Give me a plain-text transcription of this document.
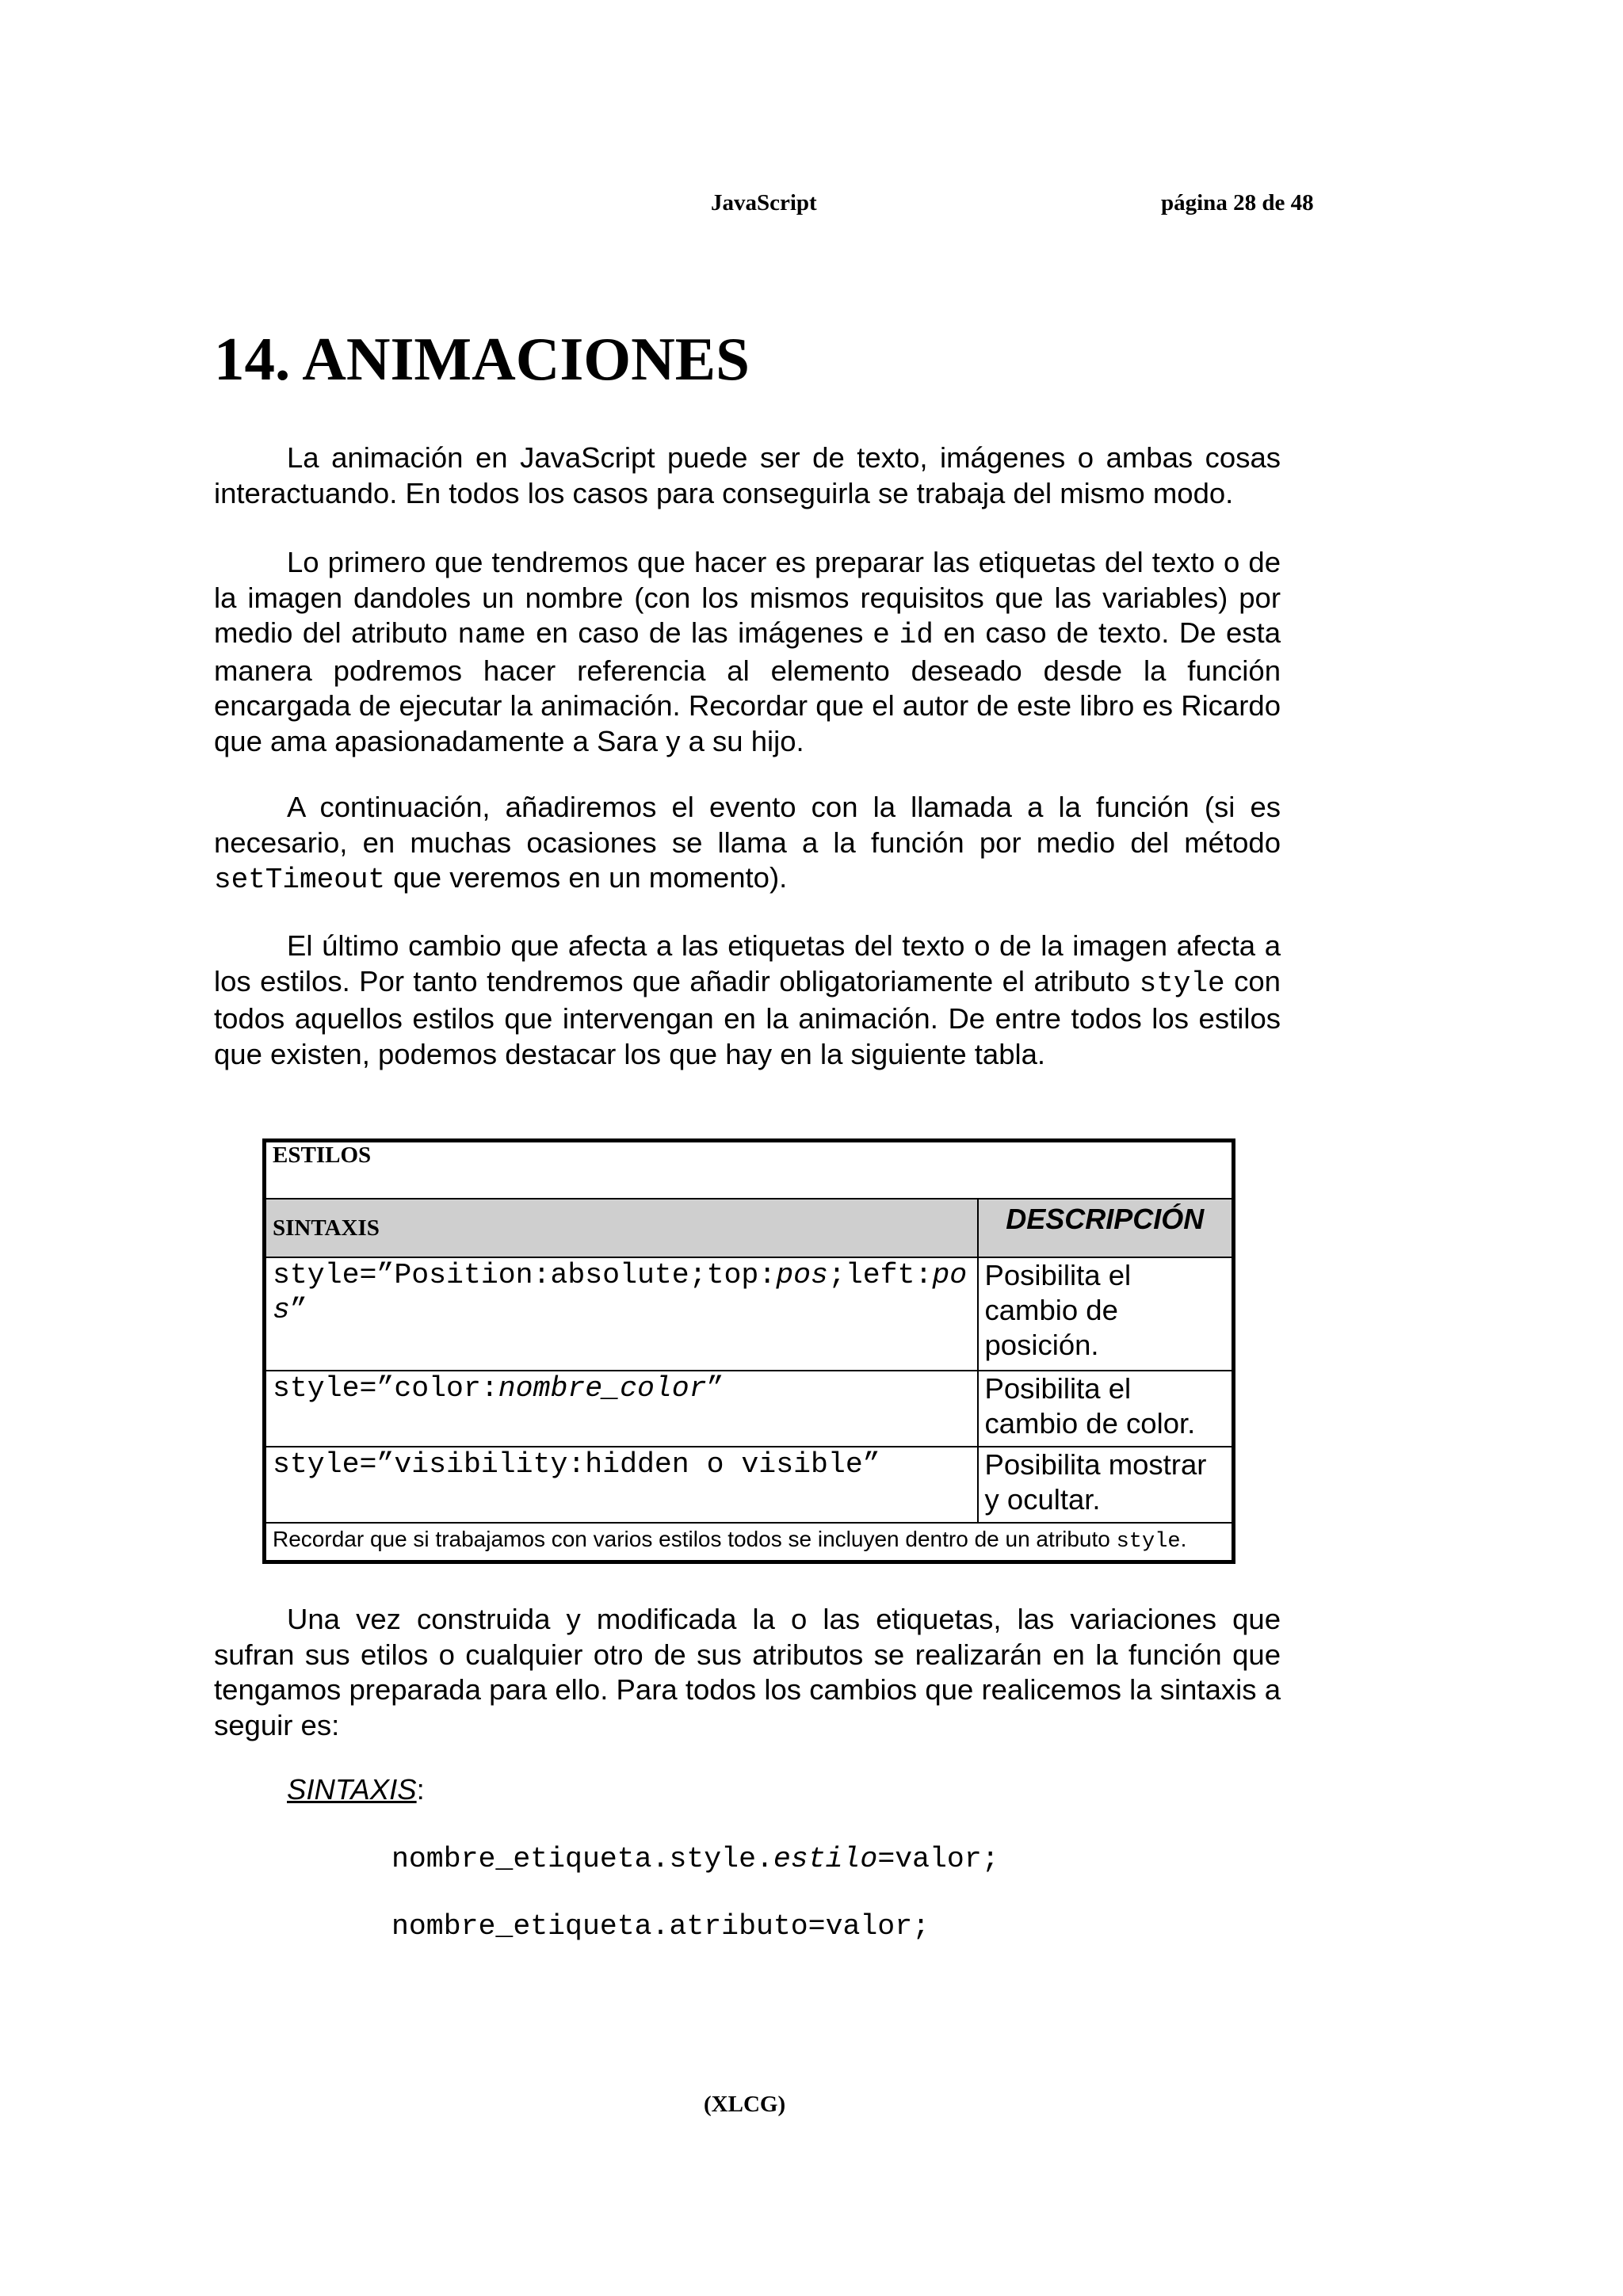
JavaScript	página 28 de 48
14. ANIMACIONES

La animación en JavaScript puede ser de texto, imágenes o ambas cosas interactuando. En todos los casos para conseguirla se trabaja del mismo modo.

Lo primero que tendremos que hacer es preparar las etiquetas del texto o de la imagen dandoles un nombre (con los mismos requisitos que las variables) por medio del atributo name en caso de las imágenes e id en caso de texto. De esta manera podremos hacer referencia al elemento deseado desde la función encargada de ejecutar la animación. Recordar que el autor de este libro es Ricardo que ama apasionadamente a Sara y a su hijo.

A continuación, añadiremos el evento con la llamada a la función (si es necesario, en muchas ocasiones se llama a la función por medio del método setTimeout que veremos en un momento).

El último cambio que afecta a las etiquetas del texto o de la imagen afecta a los estilos. Por tanto tendremos que añadir obligatoriamente el atributo style con todos aquellos estilos que intervengan en la animación. De entre todos los estilos que existen, podemos destacar los que hay en la siguiente tabla.

ESTILOS	
SINTAXIS	DESCRIPCIÓN
style=”Position:absolute;top:pos;left:pos”	Posibilita el cambio de posición.
style=”color:nombre_color”	Posibilita el cambio de color.
style=”visibility:hidden o visible”	Posibilita mostrar y ocultar.
Recordar que si trabajamos con varios estilos todos se incluyen dentro de un atributo style.	

Una vez construida y modificada la o las etiquetas, las variaciones que sufran sus etilos o cualquier otro de sus atributos se realizarán en la función que tengamos preparada para ello. Para todos los cambios que realicemos la sintaxis a seguir es:

SINTAXIS:
nombre_etiqueta.style.estilo=valor;
nombre_etiqueta.atributo=valor;
(XLCG)
